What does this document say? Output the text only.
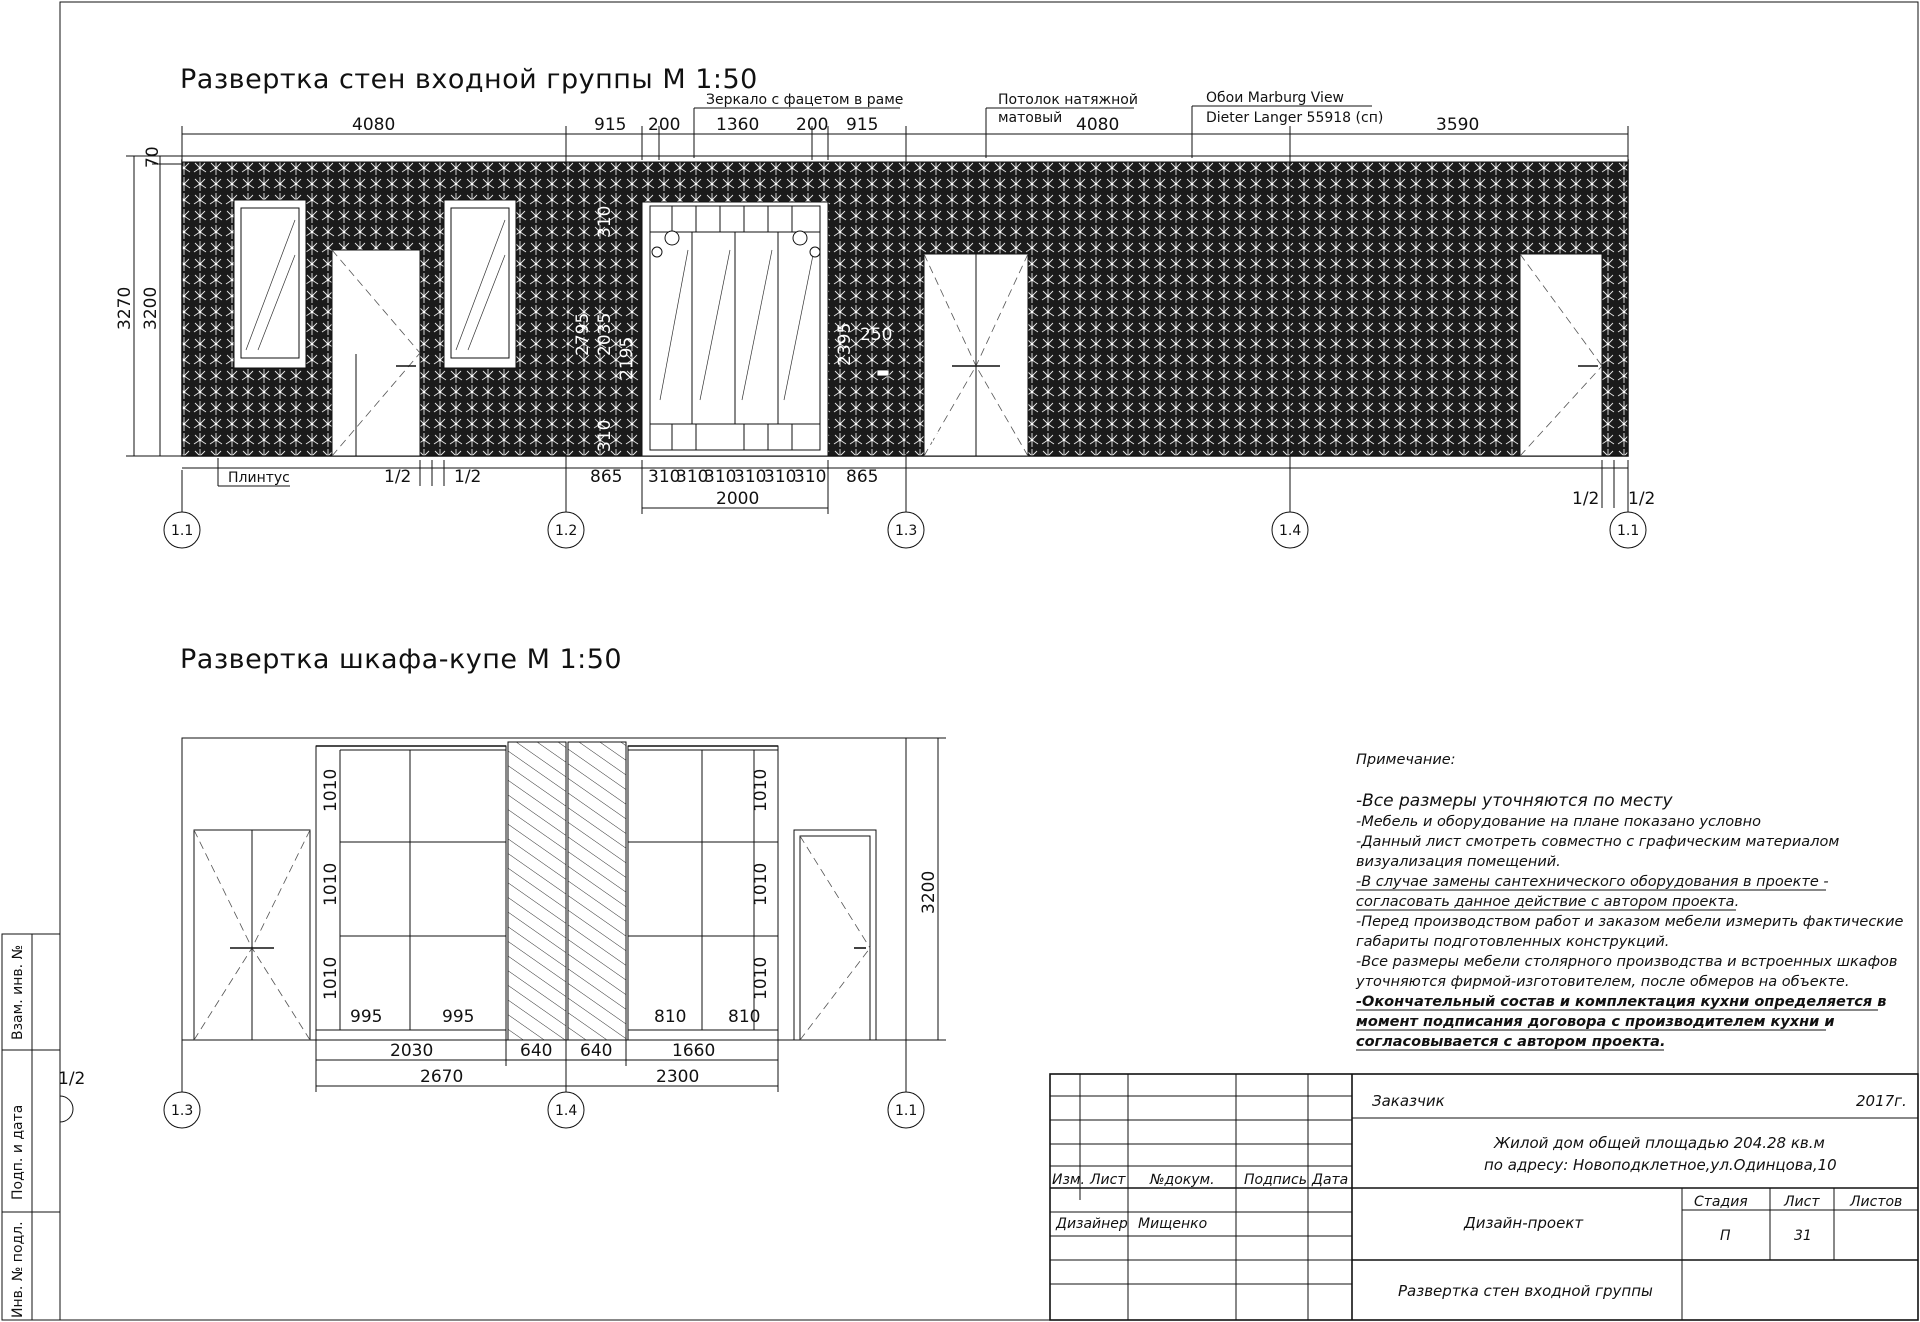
Взам. инв. №
Подп. и дата
Инв. № подл.
Развертка стен входной группы М 1:50
Зеркало с фацетом в раме	Потолок натяжной
матовый
Обои Marburg View
Dieter Langer 55918 (сп)
Плинтус
4080	915 200 1360 200 915	4080	3590
70
3270 3200
1100
2795 2035
2195
310
310
2395 250
600
300	300
1/2	1/2	865 310
310
310
310
310
310 865
2000	1/2 1/2
1.1	1.2	1.3	1.4	1.1
Развертка шкафа-купе М 1:50
1010
1010
1010
995	995	810 810
1010
1010
1010
3200
2030	640 640	1660
2670	2300
1.3	1.4	1.1
1/2
Примечание:
-Все размеры уточняются по месту
-Мебель и оборудование на плане показано условно
-Данный лист смотреть совместно с графическим материалом
визуализация помещений.
-В случае замены сантехнического оборудования в проекте -
согласовать данное действие с автором проекта.
-Перед производством работ и заказом мебели измерить фактические
габариты подготовленных конструкций.
-Все размеры мебели столярного производства и встроенных шкафов
уточняются фирмой-изготовителем, после обмеров на объекте.
-Окончательный состав и комплектация кухни определяется в
момент подписания договора с производителем кухни и
согласовывается с автором проекта.
Изм. Лист №докум. Подпись Дата
Дизайнер Мищенко
Заказчик	2017г.
Жилой дом общей площадью 204.28 кв.м
по адресу: Новоподклетное,ул.Одинцова,10
Дизайн-проект
Стадия	Лист Листов
П	31
Развертка стен входной группы
